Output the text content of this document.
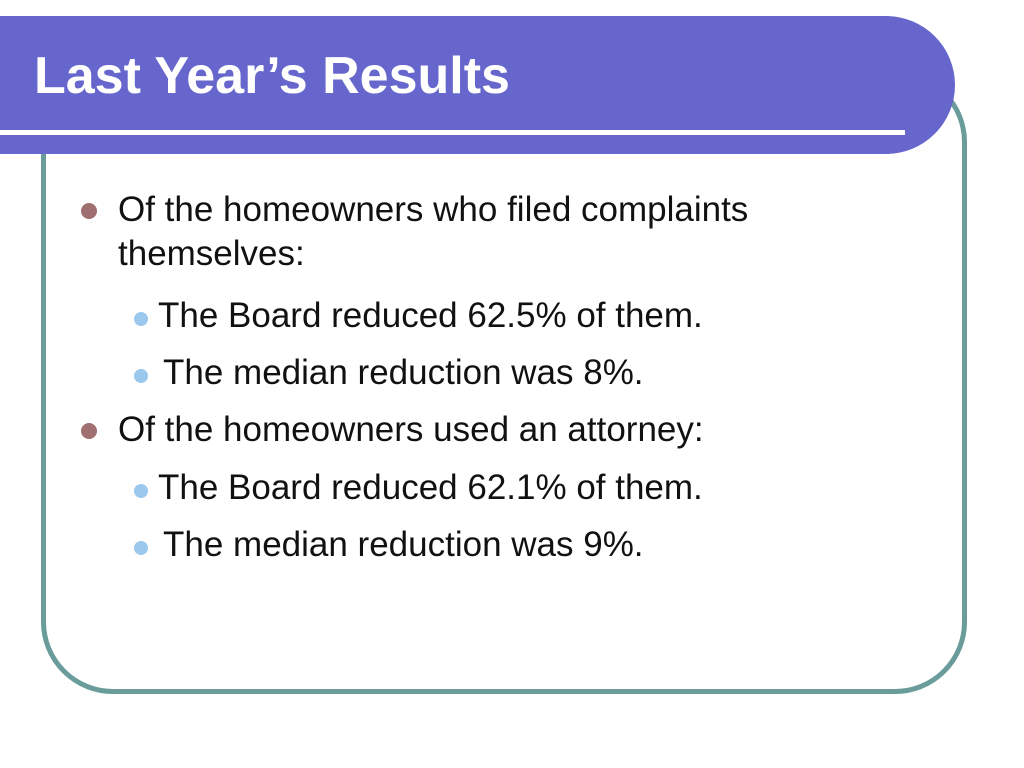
Last Year’s Results
Of the homeowners who filed complaints themselves:
The Board reduced 62.5% of them.
The median reduction was 8%.
Of the homeowners used an attorney:
The Board reduced 62.1% of them.
The median reduction was 9%.
